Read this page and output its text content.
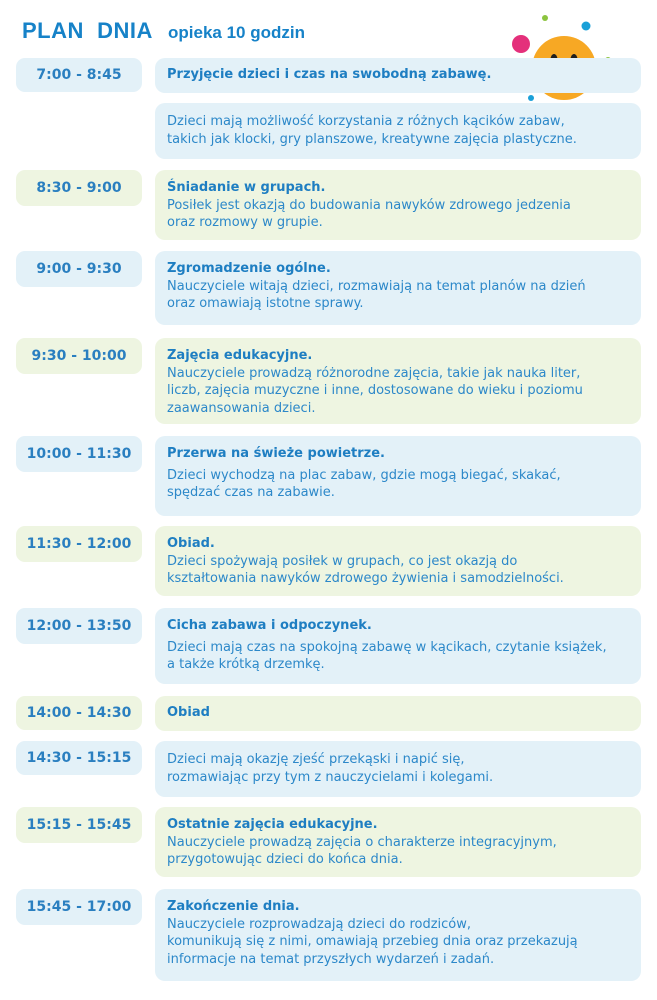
PLAN  DNIA opieka 10 godzin
7:00 - 8:45	Przyjęcie dzieci i czas na swobodną zabawę.
Dzieci mają możliwość korzystania z różnych kącików zabaw,
takich jak klocki, gry planszowe, kreatywne zajęcia plastyczne.
8:30 - 9:00	Śniadanie w grupach.
Posiłek jest okazją do budowania nawyków zdrowego jedzenia
oraz rozmowy w grupie.
9:00 - 9:30	Zgromadzenie ogólne.
Nauczyciele witają dzieci, rozmawiają na temat planów na dzień
oraz omawiają istotne sprawy.
9:30 - 10:00	Zajęcia edukacyjne.
Nauczyciele prowadzą różnorodne zajęcia, takie jak nauka liter,
liczb, zajęcia muzyczne i inne, dostosowane do wieku i poziomu
zaawansowania dzieci.
10:00 - 11:30	Przerwa na świeże powietrze.
Dzieci wychodzą na plac zabaw, gdzie mogą biegać, skakać,
spędzać czas na zabawie.
11:30 - 12:00	Obiad.
Dzieci spożywają posiłek w grupach, co jest okazją do
kształtowania nawyków zdrowego żywienia i samodzielności.
12:00 - 13:50	Cicha zabawa i odpoczynek.
Dzieci mają czas na spokojną zabawę w kącikach, czytanie książek,
a także krótką drzemkę.
14:00 - 14:30	Obiad
14:30 - 15:15	Dzieci mają okazję zjeść przekąski i napić się,
rozmawiając przy tym z nauczycielami i kolegami.
15:15 - 15:45	Ostatnie zajęcia edukacyjne.
Nauczyciele prowadzą zajęcia o charakterze integracyjnym,
przygotowując dzieci do końca dnia.
15:45 - 17:00	Zakończenie dnia.
Nauczyciele rozprowadzają dzieci do rodziców,
komunikują się z nimi, omawiają przebieg dnia oraz przekazują
informacje na temat przyszłych wydarzeń i zadań.
